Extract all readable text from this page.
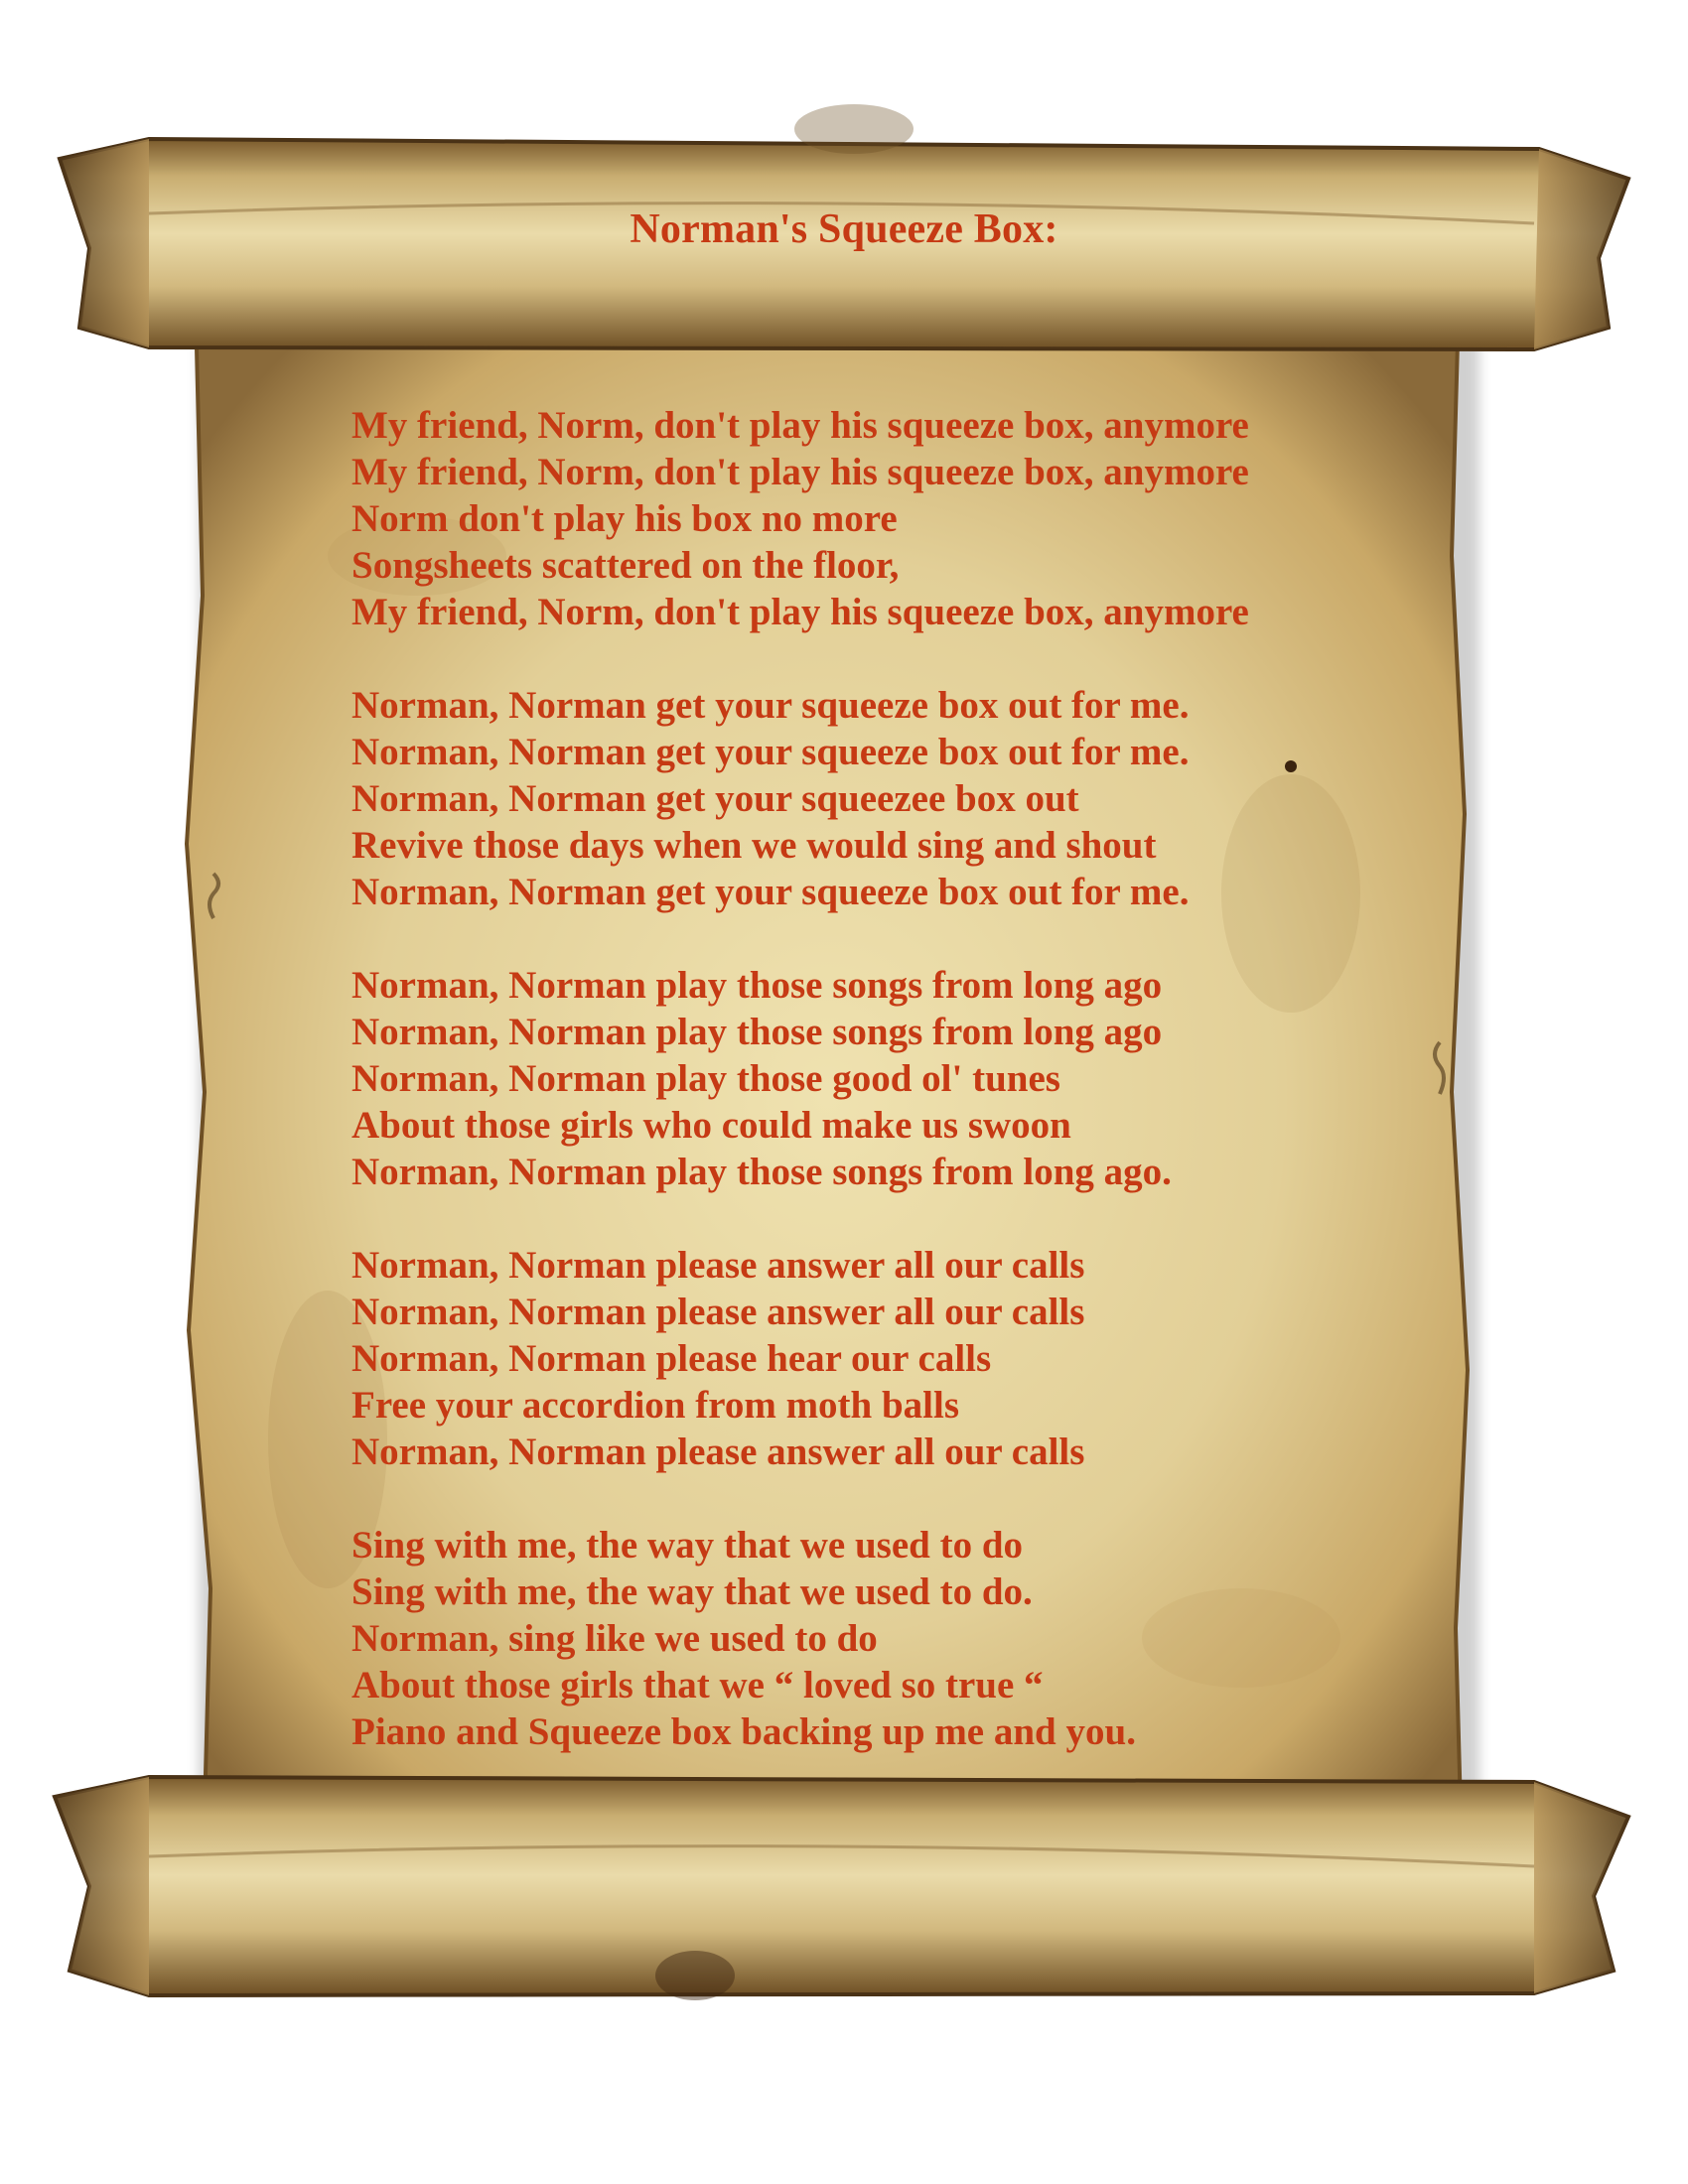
Norman's Squeeze Box:
My friend, Norm, don't play his squeeze box, anymore
My friend, Norm, don't play his squeeze box, anymore
Norm don't play his box no more
Songsheets scattered on the floor,
My friend, Norm, don't play his squeeze box, anymore
Norman, Norman get your squeeze box out for me.
Norman, Norman get your squeeze box out for me.
Norman, Norman get your squeezee box out
Revive those days when we would sing and shout
Norman, Norman get your squeeze box out for me.
Norman, Norman play those songs from long ago
Norman, Norman play those songs from long ago
Norman, Norman play those good ol' tunes
About those girls who could make us swoon
Norman, Norman play those songs from long ago.
Norman, Norman please answer all our calls
Norman, Norman please answer all our calls
Norman, Norman please hear our calls
Free your accordion from moth balls
Norman, Norman please answer all our calls
Sing with me, the way that we used to do
Sing with me, the way that we used to do.
Norman, sing like we used to do
About those girls that we “ loved so true “
Piano and Squeeze box backing up me and you.
